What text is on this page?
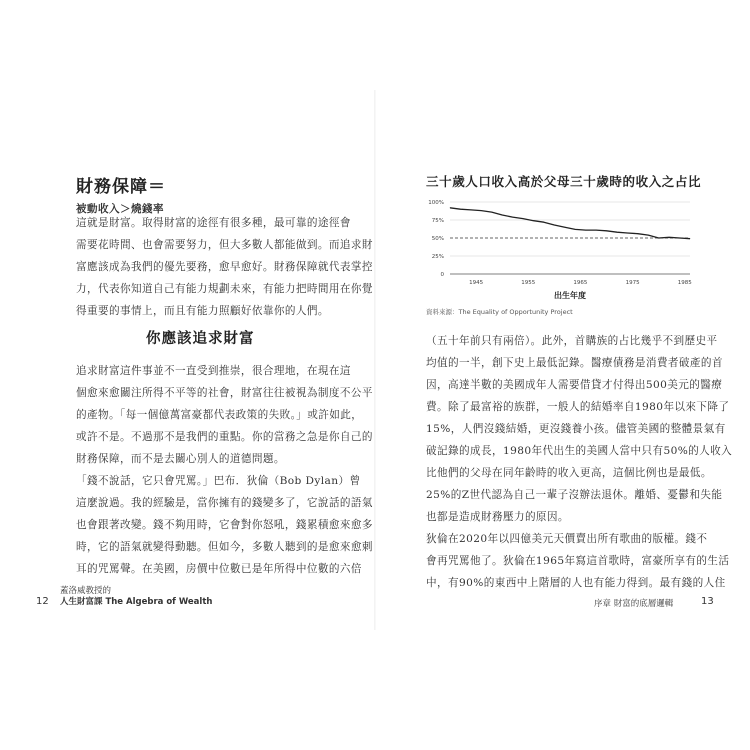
財務保障＝
被動收入＞燒錢率
這就是財富。取得財富的途徑有很多種，最可靠的途徑會
需要花時間、也會需要努力，但大多數人都能做到。而追求財
富應該成為我們的優先要務，愈早愈好。財務保障就代表掌控
力，代表你知道自己有能力規劃未來，有能力把時間用在你覺
得重要的事情上，而且有能力照顧好依靠你的人們。
你應該追求財富
追求財富這件事並不一直受到推崇，很合理地，在現在這
個愈來愈關注所得不平等的社會，財富往往被視為制度不公平
的產物。「每一個億萬富豪都代表政策的失敗。」或許如此，
或許不是。不過那不是我們的重點。你的當務之急是你自己的
財務保障，而不是去關心別人的道德問題。
「錢不說話，它只會咒罵。」巴布．狄倫（Bob Dylan）曾
這麼說過。我的經驗是，當你擁有的錢變多了，它說話的語氣
也會跟著改變。錢不夠用時，它會對你怒吼，錢累積愈來愈多
時，它的語氣就變得動聽。但如今，多數人聽到的是愈來愈刺
耳的咒罵聲。在美國，房價中位數已是年所得中位數的六倍
12
蓋洛威教授的
人生財富課 The Algebra of Wealth
三十歲人口收入高於父母三十歲時的收入之占比
0
25%
50%
75%
100%
1945	1955	1965	1975	1985
出生年度
資料來源：The Equality of Opportunity Project
（五十年前只有兩倍）。此外，首購族的占比幾乎不到歷史平
均值的一半，創下史上最低記錄。醫療債務是消費者破產的首
因，高達半數的美國成年人需要借貸才付得出500美元的醫療
費。除了最富裕的族群，一般人的結婚率自1980年以來下降了
15%，人們沒錢結婚，更沒錢養小孩。儘管美國的整體景氣有
破記錄的成長，1980年代出生的美國人當中只有50%的人收入
比他們的父母在同年齡時的收入更高，這個比例也是最低。
25%的Z世代認為自己一輩子沒辦法退休。離婚、憂鬱和失能
也都是造成財務壓力的原因。
狄倫在2020年以四億美元天價賣出所有歌曲的版權。錢不
會再咒罵他了。狄倫在1965年寫這首歌時，富豪所享有的生活
中，有90%的東西中上階層的人也有能力得到。最有錢的人住
序章 財富的底層邏輯	13
